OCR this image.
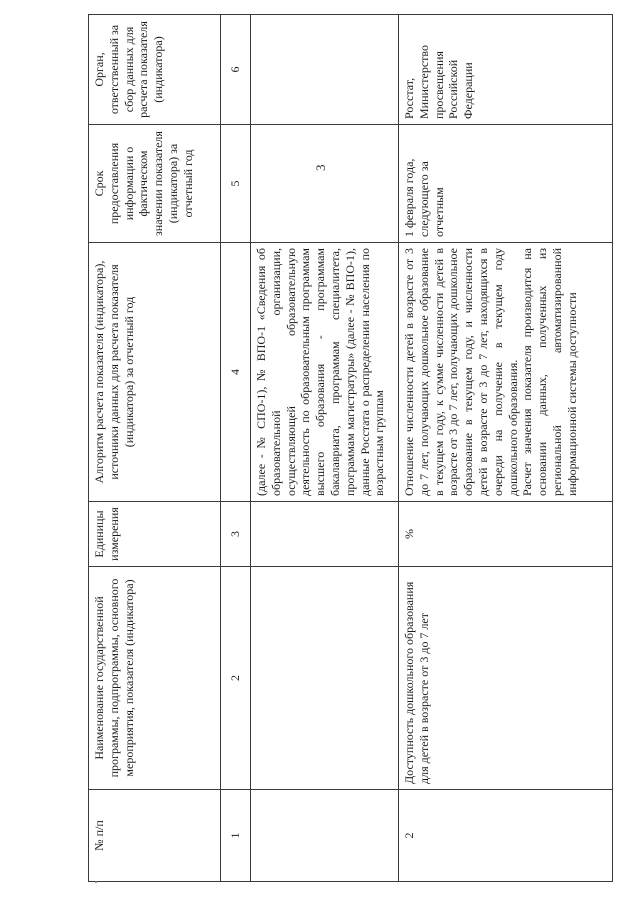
№ п/п
Наименование государственной программы, подпрограммы, основного мероприятия, показателя (индикатора)
Единицы измерения
Алгоритм расчета показателя (индикатора), источники данных для расчета показателя (индикатора) за отчетный год
Срок предоставления информации о фактическом значении показателя (индикатора) за отчетный год
Орган, ответственный за сбор данных для расчета показателя (индикатора)
1
2
3
4
5
6
(далее - № СПО-1), № ВПО-1 «Сведения об образовательной организации, осуществляющей образовательную деятельность по образовательным программам высшего образования - программам бакалавриата, программам специалитета, программам магистратуры» (далее - № ВПО-1), данные Росстата о распределении населения по возрастным группам
2
Доступность дошкольного образования для детей в возрасте от 3 до 7 лет
%

Отношение численности детей в возрасте от 3 до 7 лет, получающих дошкольное образование в текущем году, к сумме численности детей в возрасте от 3 до 7 лет, получающих дошкольное образование в текущем году, и численности детей в возрасте от 3 до 7 лет, находящихся в очереди на получение в текущем году дошкольного образования. Расчет значения показателя производится на основании данных, полученных из региональной автоматизированной информационной системы доступности

1 февраля года, следующего за отчетным
Росстат, Министерство просвещения Российской Федерации
3
